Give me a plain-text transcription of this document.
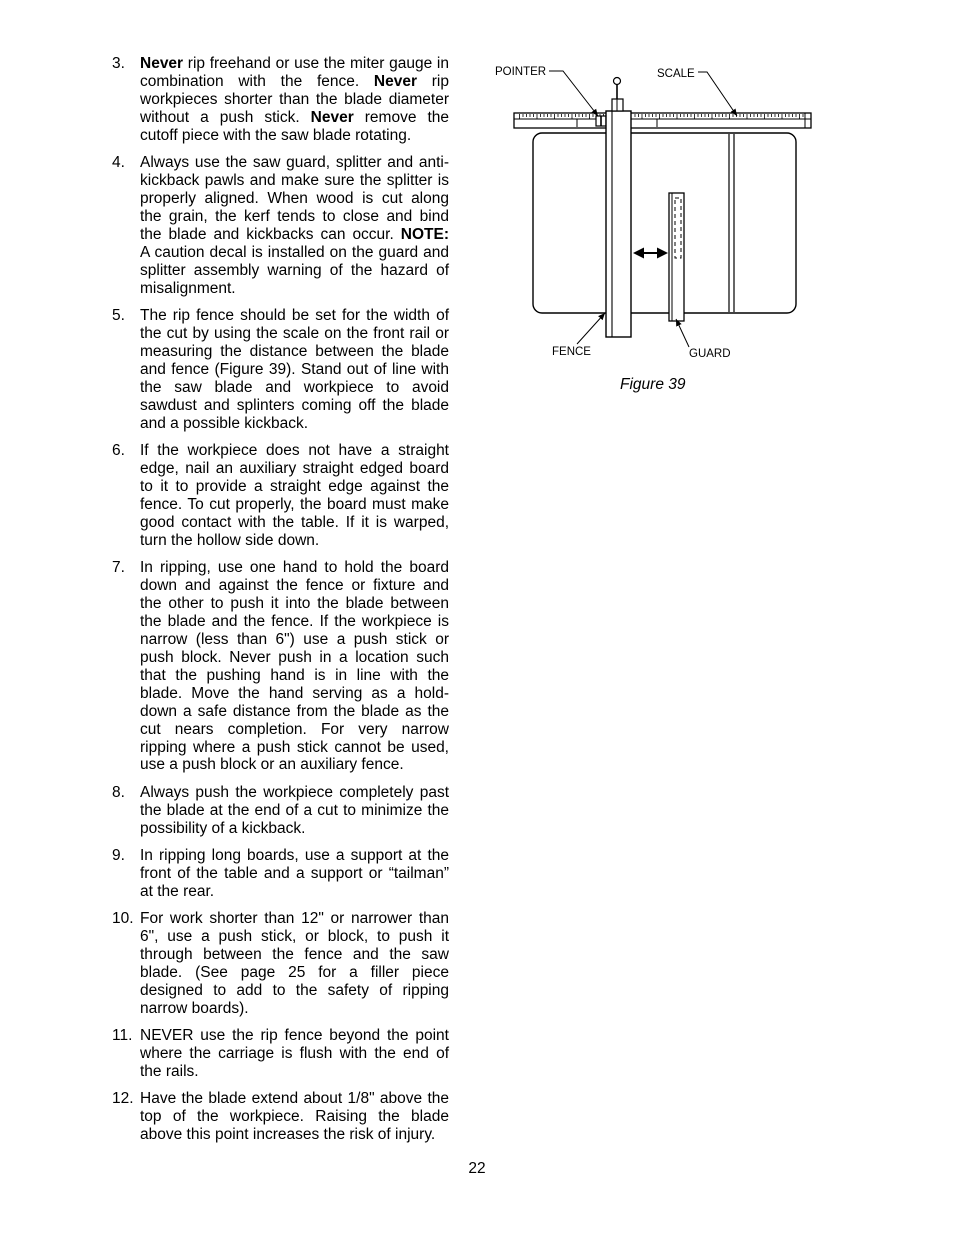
3. Never rip freehand or use the miter gauge in
combination with the fence. Never rip
workpieces shorter than the blade diameter
without a push stick. Never remove the
cutoff piece with the saw blade rotating.
4. Always use the saw guard, splitter and anti-
kickback pawls and make sure the splitter is
properly aligned. When wood is cut along
the grain, the kerf tends to close and bind
the blade and kickbacks can occur. NOTE:
A caution decal is installed on the guard and
splitter assembly warning of the hazard of
misalignment.
5. The rip fence should be set for the width of
the cut by using the scale on the front rail or
measuring the distance between the blade
and fence (Figure 39). Stand out of line with
the saw blade and workpiece to avoid
sawdust and splinters coming off the blade
and a possible kickback.
6. If the workpiece does not have a straight
edge, nail an auxiliary straight edged board
to it to provide a straight edge against the
fence. To cut properly, the board must make
good contact with the table. If it is warped,
turn the hollow side down.
7. In ripping, use one hand to hold the board
down and against the fence or fixture and
the other to push it into the blade between
the blade and the fence. If the workpiece is
narrow (less than 6") use a push stick or
push block. Never push in a location such
that the pushing hand is in line with the
blade. Move the hand serving as a hold-
down a safe distance from the blade as the
cut nears completion. For very narrow
ripping where a push stick cannot be used,
use a push block or an auxiliary fence.
8. Always push the workpiece completely past
the blade at the end of a cut to minimize the
possibility of a kickback.
9. In ripping long boards, use a support at the
front of the table and a support or “tailman”
at the rear.
10. For work shorter than 12" or narrower than
6", use a push stick, or block, to push it
through between the fence and the saw
blade. (See page 25 for a filler piece
designed to add to the safety of ripping
narrow boards).
11. NEVER use the rip fence beyond the point
where the carriage is flush with the end of
the rails.
12. Have the blade extend about 1/8" above the
top of the workpiece. Raising the blade
above this point increases the risk of injury.
POINTER	SCALE
FENCE	GUARD
Figure 39
22
